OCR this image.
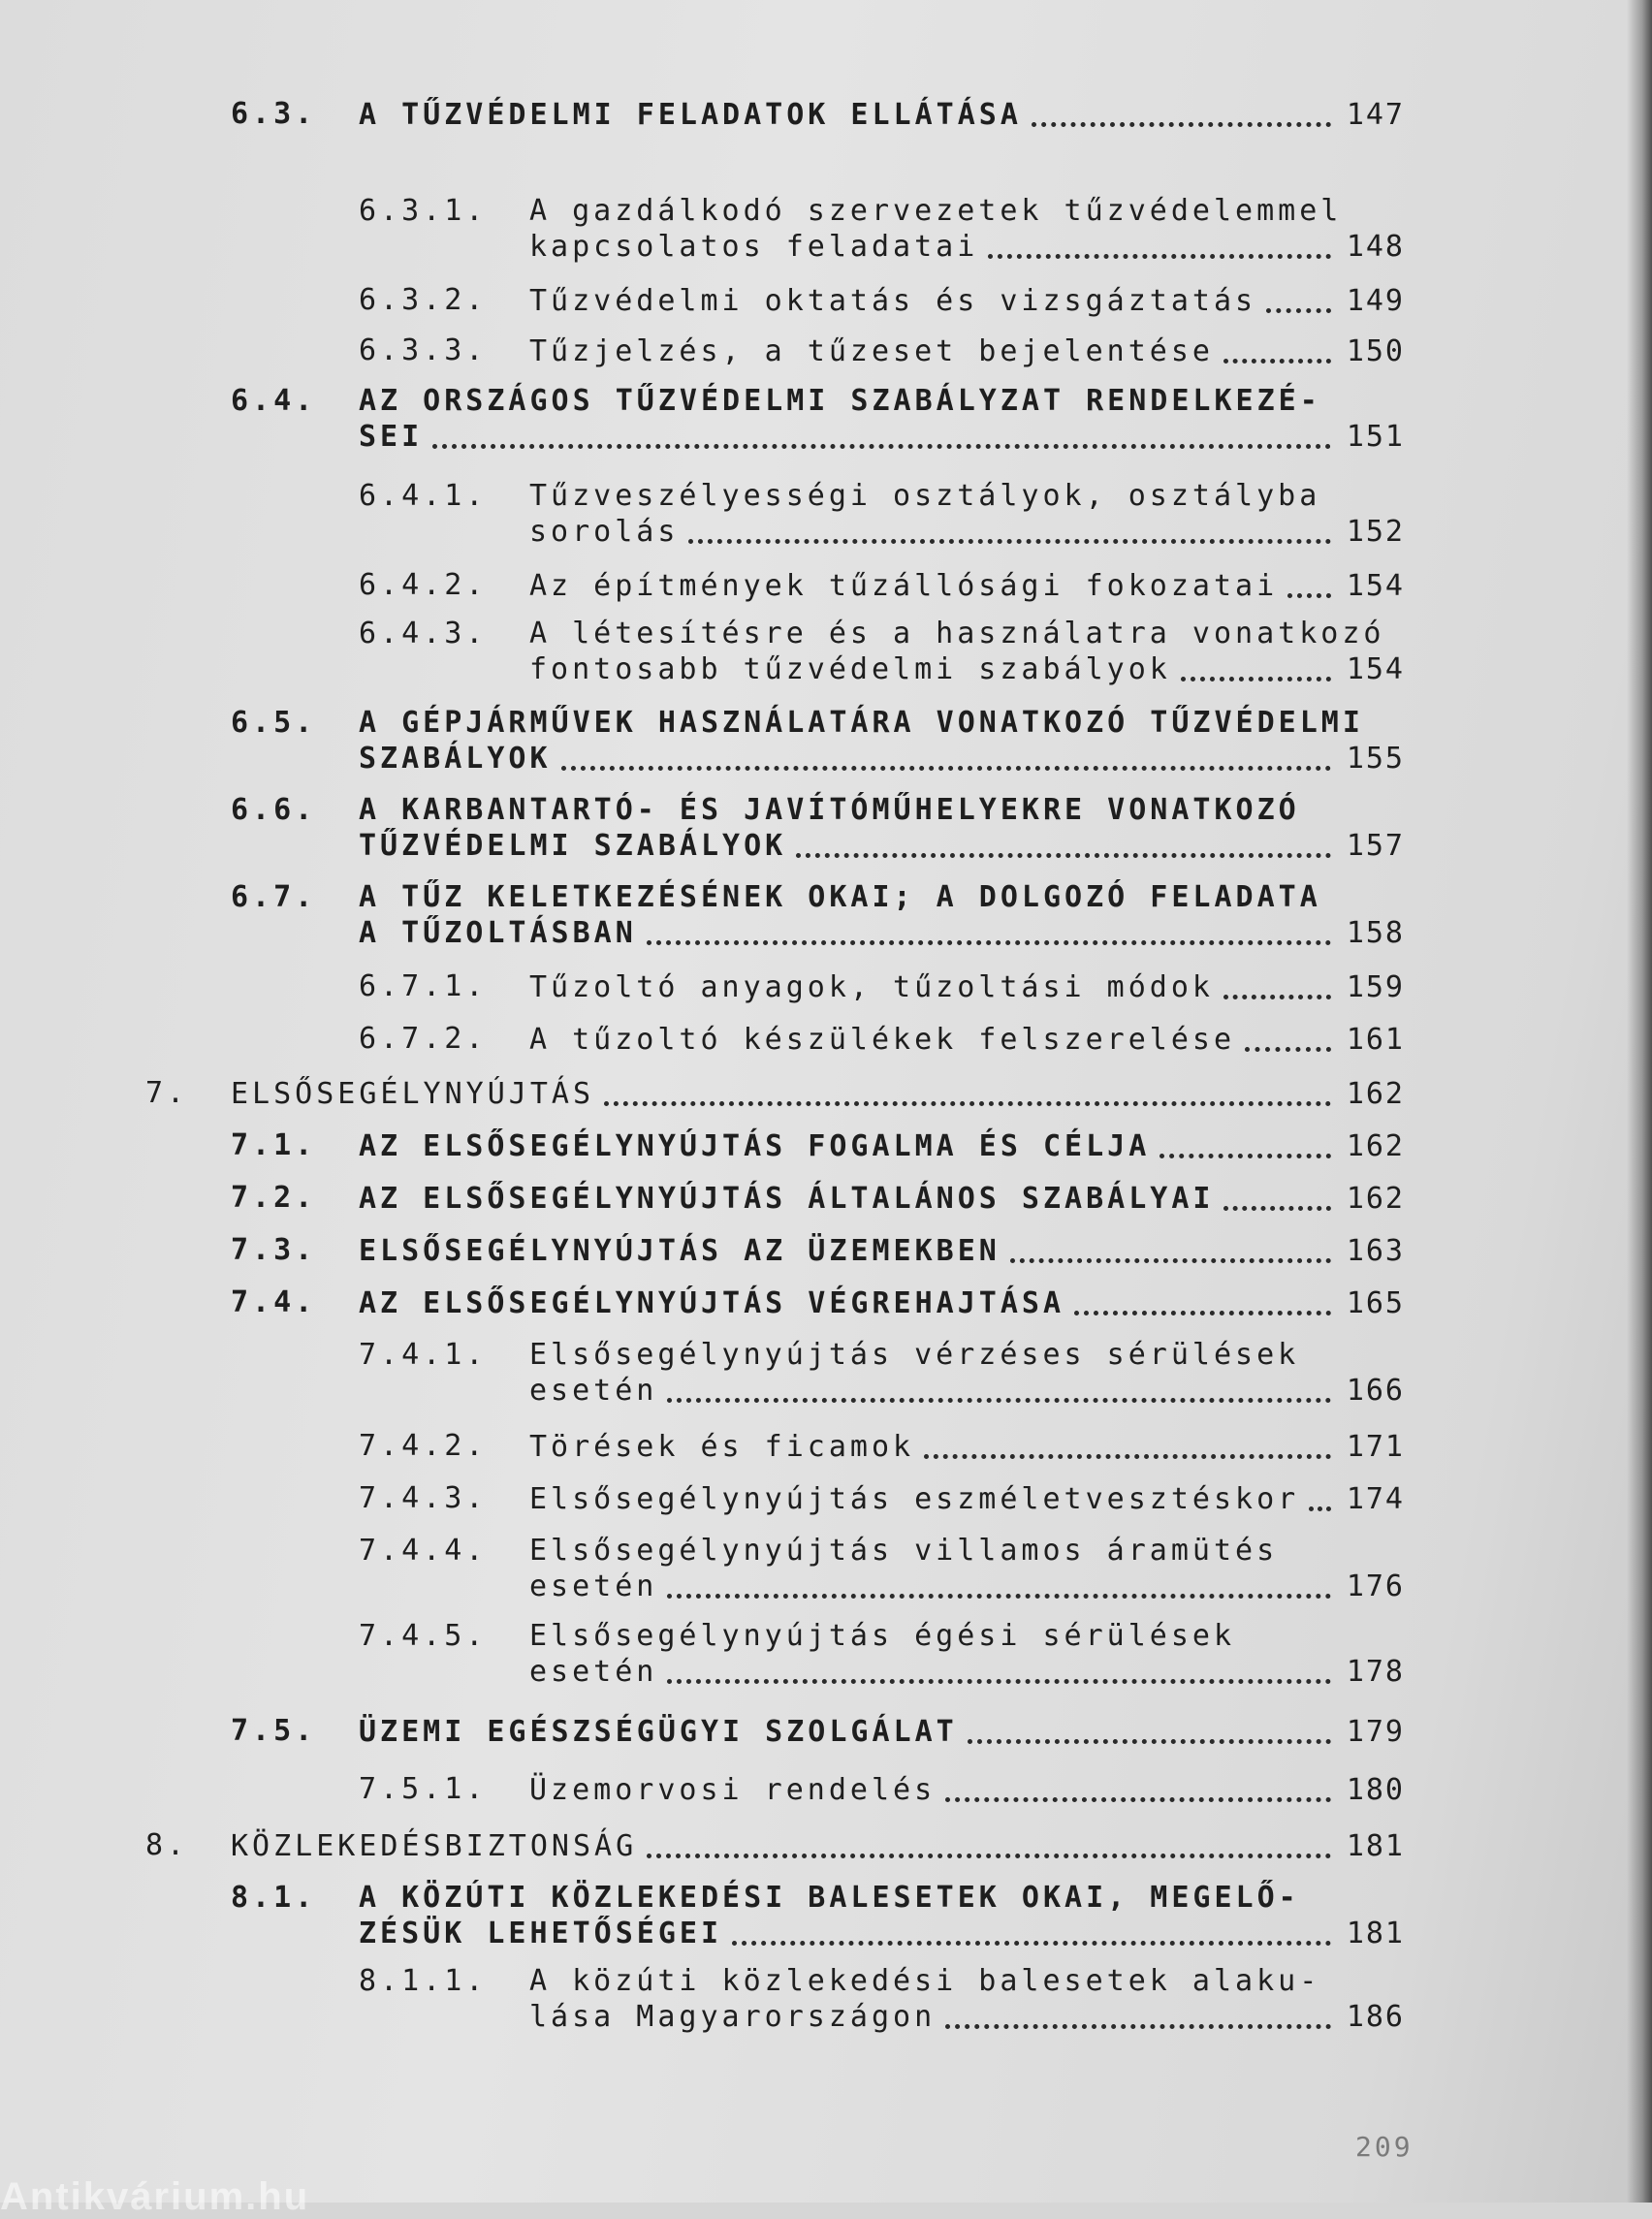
6.3.	A TŰZVÉDELMI FELADATOK ELLÁTÁSA	147
6.3.1.	A gazdálkodó szervezetek tűzvédelemmel
kapcsolatos feladatai	148
6.3.2.	Tűzvédelmi oktatás és vizsgáztatás	149
6.3.3.	Tűzjelzés, a tűzeset bejelentése	150
6.4.	AZ ORSZÁGOS TŰZVÉDELMI SZABÁLYZAT RENDELKEZÉ-
SEI	151
6.4.1.	Tűzveszélyességi osztályok, osztályba
sorolás	152
6.4.2.	Az építmények tűzállósági fokozatai	154
6.4.3.	A létesítésre és a használatra vonatkozó
fontosabb tűzvédelmi szabályok	154
6.5.	A GÉPJÁRMŰVEK HASZNÁLATÁRA VONATKOZÓ TŰZVÉDELMI
SZABÁLYOK	155
6.6.	A KARBANTARTÓ- ÉS JAVÍTÓMŰHELYEKRE VONATKOZÓ
TŰZVÉDELMI SZABÁLYOK	157
6.7.	A TŰZ KELETKEZÉSÉNEK OKAI; A DOLGOZÓ FELADATA
A TŰZOLTÁSBAN	158
6.7.1.	Tűzoltó anyagok, tűzoltási módok	159
6.7.2.	A tűzoltó készülékek felszerelése	161
7.	ELSŐSEGÉLYNYÚJTÁS	162
7.1.	AZ ELSŐSEGÉLYNYÚJTÁS FOGALMA ÉS CÉLJA	162
7.2.	AZ ELSŐSEGÉLYNYÚJTÁS ÁLTALÁNOS SZABÁLYAI	162
7.3.	ELSŐSEGÉLYNYÚJTÁS AZ ÜZEMEKBEN	163
7.4.	AZ ELSŐSEGÉLYNYÚJTÁS VÉGREHAJTÁSA	165
7.4.1.	Elsősegélynyújtás vérzéses sérülések
esetén	166
7.4.2.	Törések és ficamok	171
7.4.3.	Elsősegélynyújtás eszméletvesztéskor	174
7.4.4.	Elsősegélynyújtás villamos áramütés
esetén	176
7.4.5.	Elsősegélynyújtás égési sérülések
esetén	178
7.5.	ÜZEMI EGÉSZSÉGÜGYI SZOLGÁLAT	179
7.5.1.	Üzemorvosi rendelés	180
8.	KÖZLEKEDÉSBIZTONSÁG	181
8.1.	A KÖZÚTI KÖZLEKEDÉSI BALESETEK OKAI, MEGELŐ-
ZÉSÜK LEHETŐSÉGEI	181
8.1.1.	A közúti közlekedési balesetek alaku-
lása Magyarországon	186
209
Antikvárium.hu
